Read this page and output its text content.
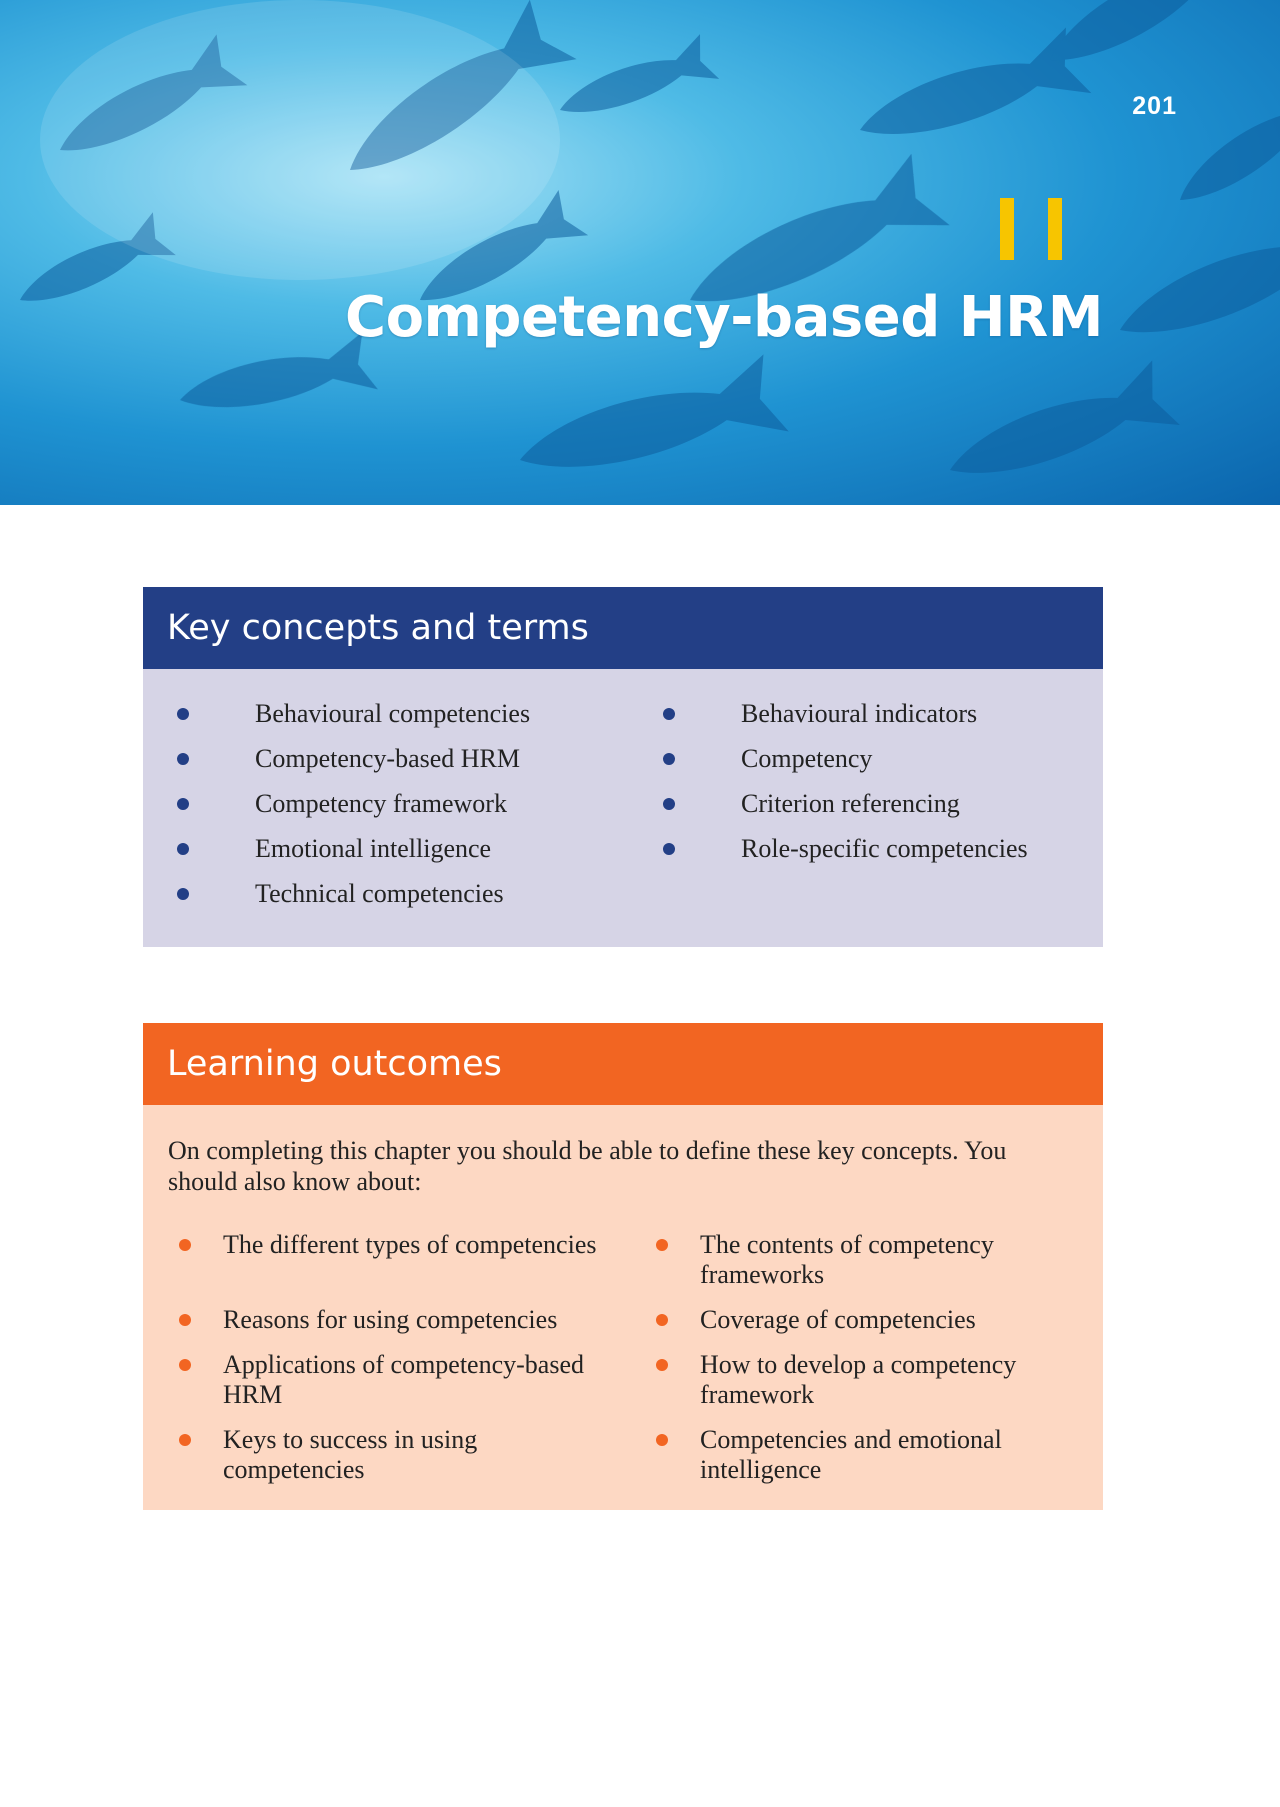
201
Competency-based HRM
Key concepts and terms
Behavioural competencies
Competency-based HRM
Competency framework
Emotional intelligence
Technical competencies
Behavioural indicators
Competency
Criterion referencing
Role-specific competencies
Learning outcomes

On completing this chapter you should be able to define these key concepts. You should also know about:

The different types of competencies
Reasons for using competencies
Applications of competency-based HRM
Keys to success in using competencies
The contents of competency frameworks
Coverage of competencies
How to develop a competency framework
Competencies and emotional intelligence
